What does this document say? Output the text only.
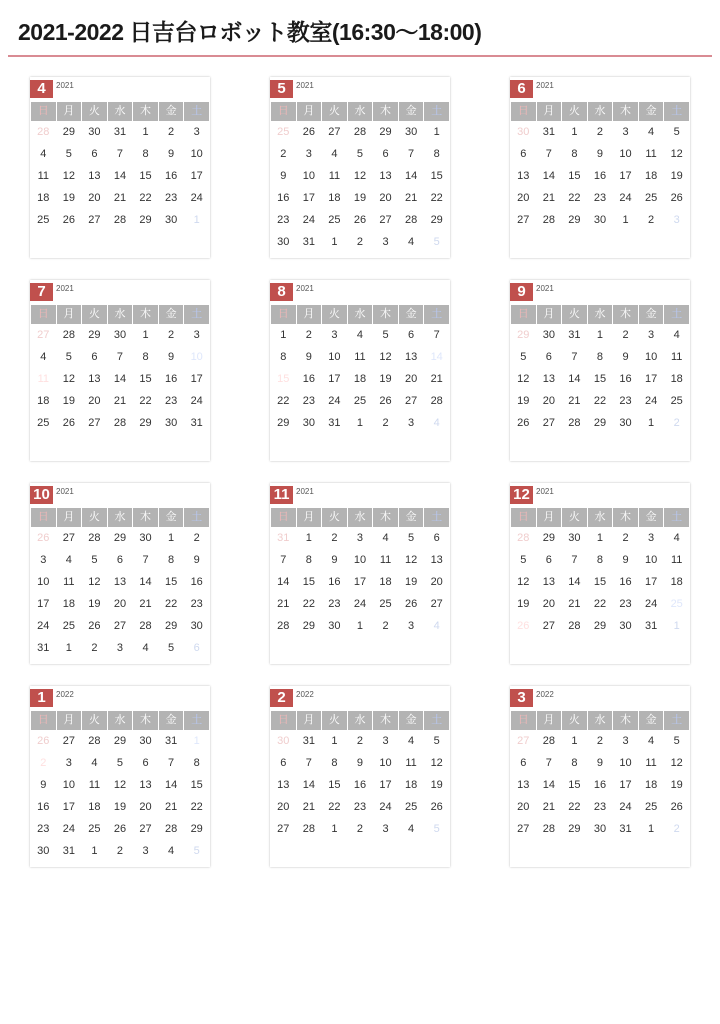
2021-2022 日吉台ロボット教室(16:30〜18:00)
4	2021
日	月	火	水	木	金	土
28	29	30	31	1	2	3
4	5	6	7	8	9	10
11	12	13	14	15	16	17
18	19	20	21	22	23	24
25	26	27	28	29	30	1

5	2021
日	月	火	水	木	金	土
25	26	27	28	29	30	1
2	3	4	5	6	7	8
9	10	11	12	13	14	15
16	17	18	19	20	21	22
23	24	25	26	27	28	29
30	31	1	2	3	4	5
6	2021
日	月	火	水	木	金	土
30	31	1	2	3	4	5
6	7	8	9	10	11	12
13	14	15	16	17	18	19
20	21	22	23	24	25	26
27	28	29	30	1	2	3

7	2021
日	月	火	水	木	金	土
27	28	29	30	1	2	3
4	5	6	7	8	9	10
11	12	13	14	15	16	17
18	19	20	21	22	23	24
25	26	27	28	29	30	31

8	2021
日	月	火	水	木	金	土
1	2	3	4	5	6	7
8	9	10	11	12	13	14
15	16	17	18	19	20	21
22	23	24	25	26	27	28
29	30	31	1	2	3	4

9	2021
日	月	火	水	木	金	土
29	30	31	1	2	3	4
5	6	7	8	9	10	11
12	13	14	15	16	17	18
19	20	21	22	23	24	25
26	27	28	29	30	1	2

10 2021
日	月	火	水	木	金	土
26	27	28	29	30	1	2
3	4	5	6	7	8	9
10	11	12	13	14	15	16
17	18	19	20	21	22	23
24	25	26	27	28	29	30
31	1	2	3	4	5	6
11 2021
日	月	火	水	木	金	土
31	1	2	3	4	5	6
7	8	9	10	11	12	13
14	15	16	17	18	19	20
21	22	23	24	25	26	27
28	29	30	1	2	3	4

12 2021
日	月	火	水	木	金	土
28	29	30	1	2	3	4
5	6	7	8	9	10	11
12	13	14	15	16	17	18
19	20	21	22	23	24	25
26	27	28	29	30	31	1

1	2022
日	月	火	水	木	金	土
26	27	28	29	30	31	1
2	3	4	5	6	7	8
9	10	11	12	13	14	15
16	17	18	19	20	21	22
23	24	25	26	27	28	29
30	31	1	2	3	4	5
2	2022
日	月	火	水	木	金	土
30	31	1	2	3	4	5
6	7	8	9	10	11	12
13	14	15	16	17	18	19
20	21	22	23	24	25	26
27	28	1	2	3	4	5

3	2022
日	月	火	水	木	金	土
27	28	1	2	3	4	5
6	7	8	9	10	11	12
13	14	15	16	17	18	19
20	21	22	23	24	25	26
27	28	29	30	31	1	2
